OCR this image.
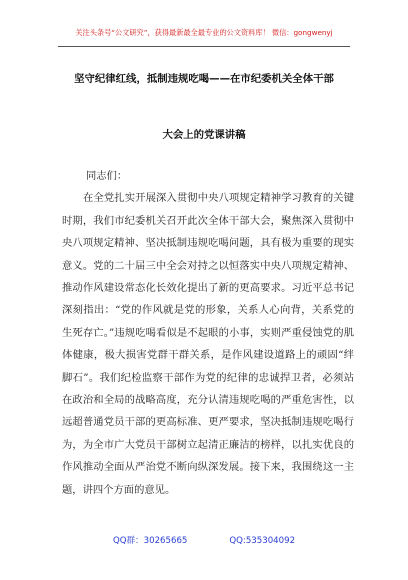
关注头条号“公文研究”，获得最新最全最专业的公文资料库！ 微信：gongwenyj
坚守纪律红线，抵制违规吃喝——在市纪委机关全体干部
大会上的党课讲稿

同志们：

在全党扎实开展深入贯彻中央八项规定精神学习教育的关键时期，我们市纪委机关召开此次全体干部大会，聚焦深入贯彻中央八项规定精神、坚决抵制违规吃喝问题，具有极为重要的现实意义。党的二十届三中全会对持之以恒落实中央八项规定精神、推动作风建设常态化长效化提出了新的更高要求。习近平总书记深刻指出：“党的作风就是党的形象，关系人心向背，关系党的生死存亡。”违规吃喝看似是不起眼的小事，实则严重侵蚀党的肌体健康，极大损害党群干群关系，是作风建设道路上的顽固“绊脚石”。我们纪检监察干部作为党的纪律的忠诚捍卫者，必须站在政治和全局的战略高度，充分认清违规吃喝的严重危害性，以远超普通党员干部的更高标准、更严要求，坚决抵制违规吃喝行为，为全市广大党员干部树立起清正廉洁的榜样，以扎实优良的作风推动全面从严治党不断向纵深发展。接下来，我围绕这一主题，讲四个方面的意见。

QQ群：30265665	QQ:535304092
